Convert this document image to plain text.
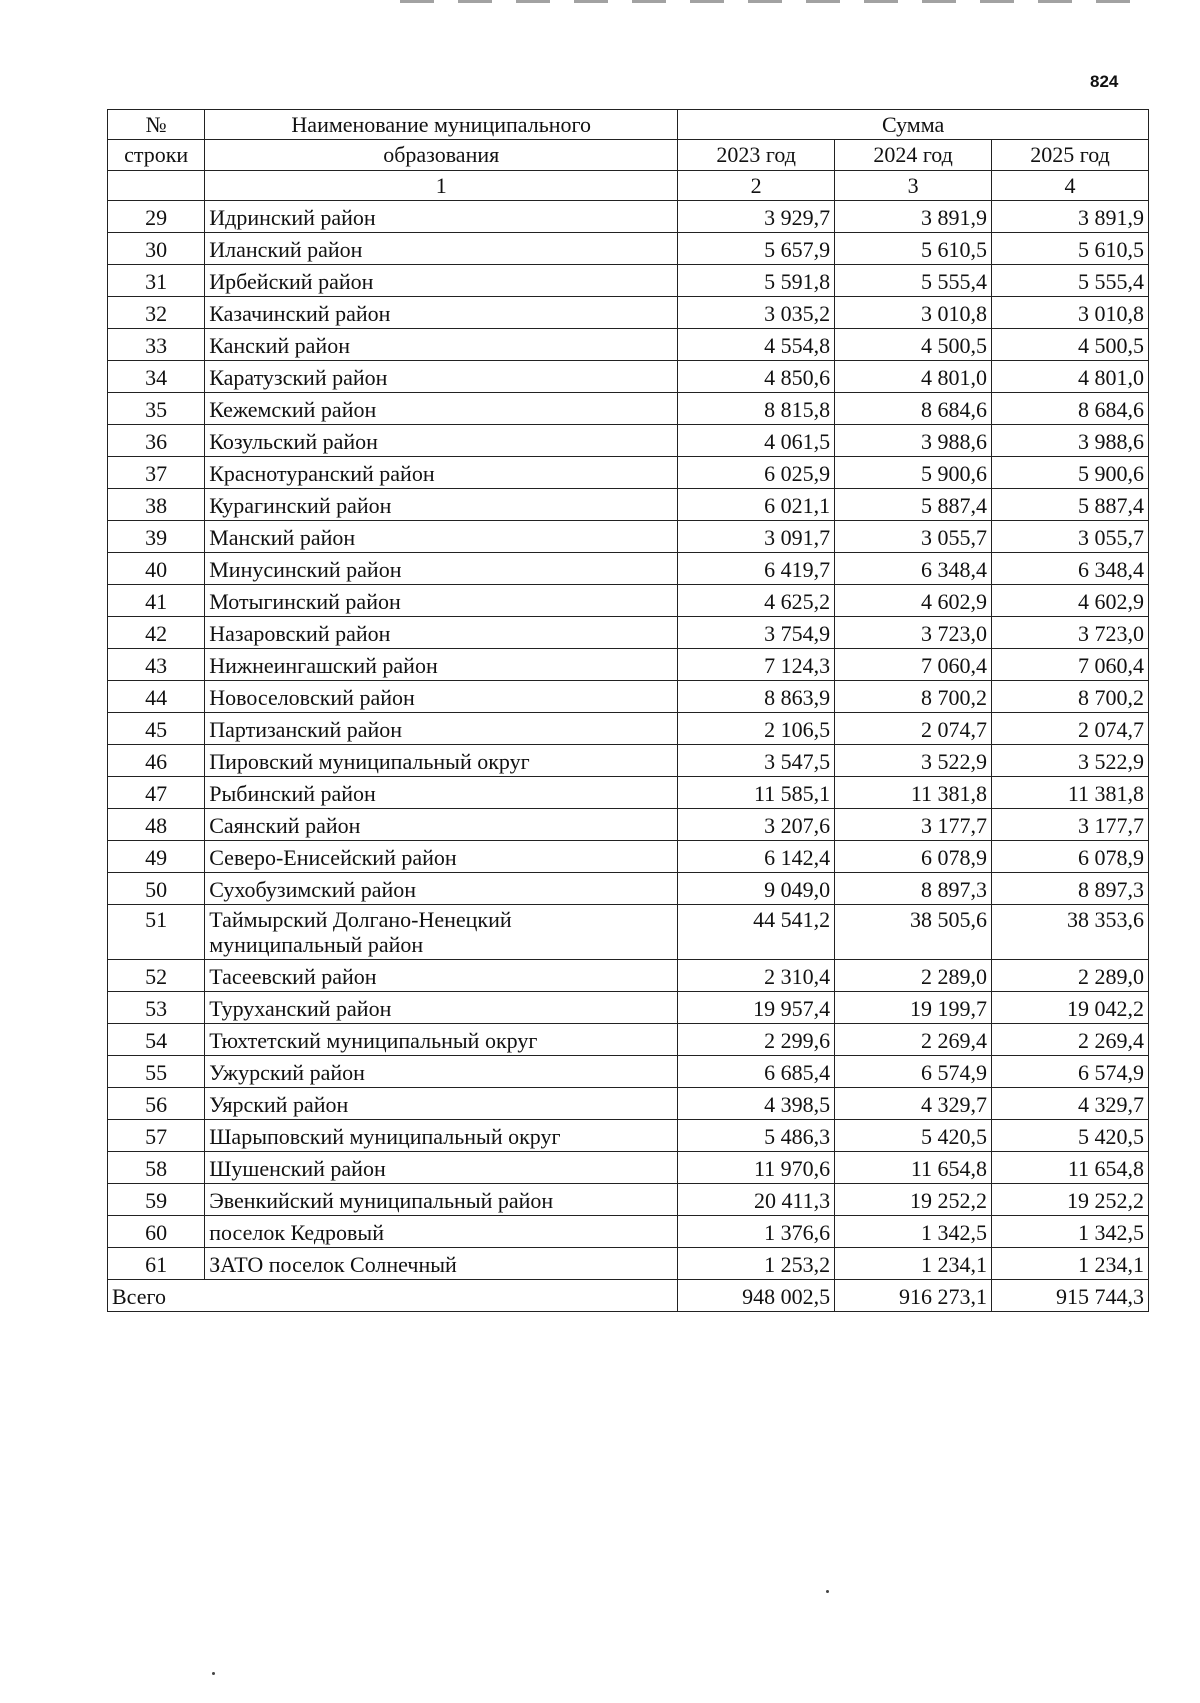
824
№	Наименование муниципального	Сумма		
строки	образования	2023 год	2024 год	2025 год
	1	2	3	4
29	Идринский район	3 929,7	3 891,9	3 891,9
30	Иланский район	5 657,9	5 610,5	5 610,5
31	Ирбейский район	5 591,8	5 555,4	5 555,4
32	Казачинский район	3 035,2	3 010,8	3 010,8
33	Канский район	4 554,8	4 500,5	4 500,5
34	Каратузский район	4 850,6	4 801,0	4 801,0
35	Кежемский район	8 815,8	8 684,6	8 684,6
36	Козульский район	4 061,5	3 988,6	3 988,6
37	Краснотуранский район	6 025,9	5 900,6	5 900,6
38	Курагинский район	6 021,1	5 887,4	5 887,4
39	Манский район	3 091,7	3 055,7	3 055,7
40	Минусинский район	6 419,7	6 348,4	6 348,4
41	Мотыгинский район	4 625,2	4 602,9	4 602,9
42	Назаровский район	3 754,9	3 723,0	3 723,0
43	Нижнеингашский район	7 124,3	7 060,4	7 060,4
44	Новоселовский район	8 863,9	8 700,2	8 700,2
45	Партизанский район	2 106,5	2 074,7	2 074,7
46	Пировский муниципальный округ	3 547,5	3 522,9	3 522,9
47	Рыбинский район	11 585,1	11 381,8	11 381,8
48	Саянский район	3 207,6	3 177,7	3 177,7
49	Северо-Енисейский район	6 142,4	6 078,9	6 078,9
50	Сухобузимский район	9 049,0	8 897,3	8 897,3
51	Таймырский Долгано-Ненецкий
муниципальный район	44 541,2	38 505,6	38 353,6
52	Тасеевский район	2 310,4	2 289,0	2 289,0
53	Туруханский район	19 957,4	19 199,7	19 042,2
54	Тюхтетский муниципальный округ	2 299,6	2 269,4	2 269,4
55	Ужурский район	6 685,4	6 574,9	6 574,9
56	Уярский район	4 398,5	4 329,7	4 329,7
57	Шарыповский муниципальный округ	5 486,3	5 420,5	5 420,5
58	Шушенский район	11 970,6	11 654,8	11 654,8
59	Эвенкийский муниципальный район	20 411,3	19 252,2	19 252,2
60	поселок Кедровый	1 376,6	1 342,5	1 342,5
61	ЗАТО поселок Солнечный	1 253,2	1 234,1	1 234,1
Всего		948 002,5	916 273,1	915 744,3
